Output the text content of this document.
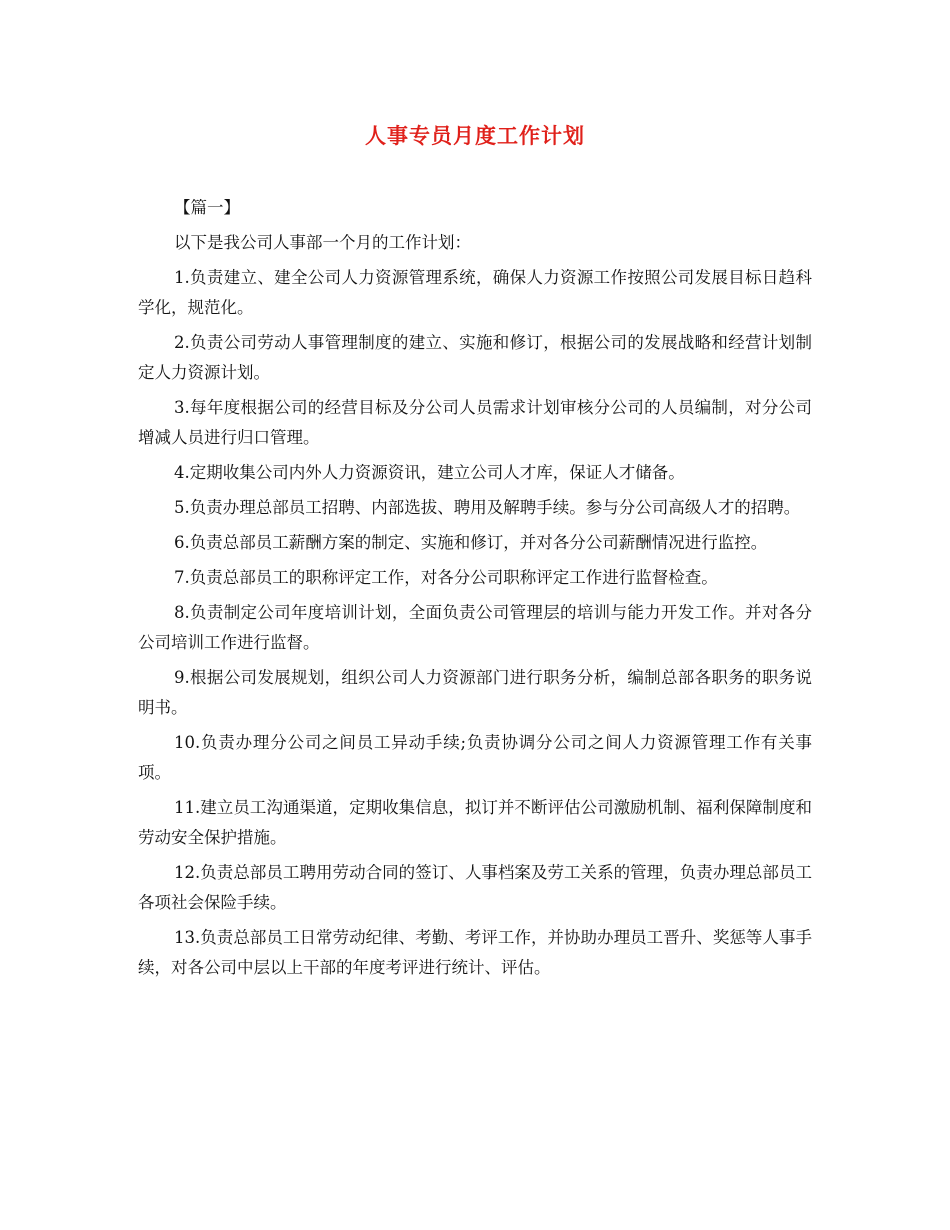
人事专员月度工作计划
【篇一】

以下是我公司人事部一个月的工作计划：

1.负责建立、建全公司人力资源管理系统，确保人力资源工作按照公司发展目标日趋科学化，规范化。

2.负责公司劳动人事管理制度的建立、实施和修订，根据公司的发展战略和经营计划制定人力资源计划。

3.每年度根据公司的经营目标及分公司人员需求计划审核分公司的人员编制，对分公司增减人员进行归口管理。

4.定期收集公司内外人力资源资讯，建立公司人才库，保证人才储备。

5.负责办理总部员工招聘、内部选拔、聘用及解聘手续。参与分公司高级人才的招聘。

6.负责总部员工薪酬方案的制定、实施和修订，并对各分公司薪酬情况进行监控。

7.负责总部员工的职称评定工作，对各分公司职称评定工作进行监督检查。

8.负责制定公司年度培训计划，全面负责公司管理层的培训与能力开发工作。并对各分公司培训工作进行监督。

9.根据公司发展规划，组织公司人力资源部门进行职务分析，编制总部各职务的职务说明书。

10.负责办理分公司之间员工异动手续;负责协调分公司之间人力资源管理工作有关事项。

11.建立员工沟通渠道，定期收集信息，拟订并不断评估公司激励机制、福利保障制度和劳动安全保护措施。

12.负责总部员工聘用劳动合同的签订、人事档案及劳工关系的管理，负责办理总部员工各项社会保险手续。

13.负责总部员工日常劳动纪律、考勤、考评工作，并协助办理员工晋升、奖惩等人事手续，对各公司中层以上干部的年度考评进行统计、评估。
